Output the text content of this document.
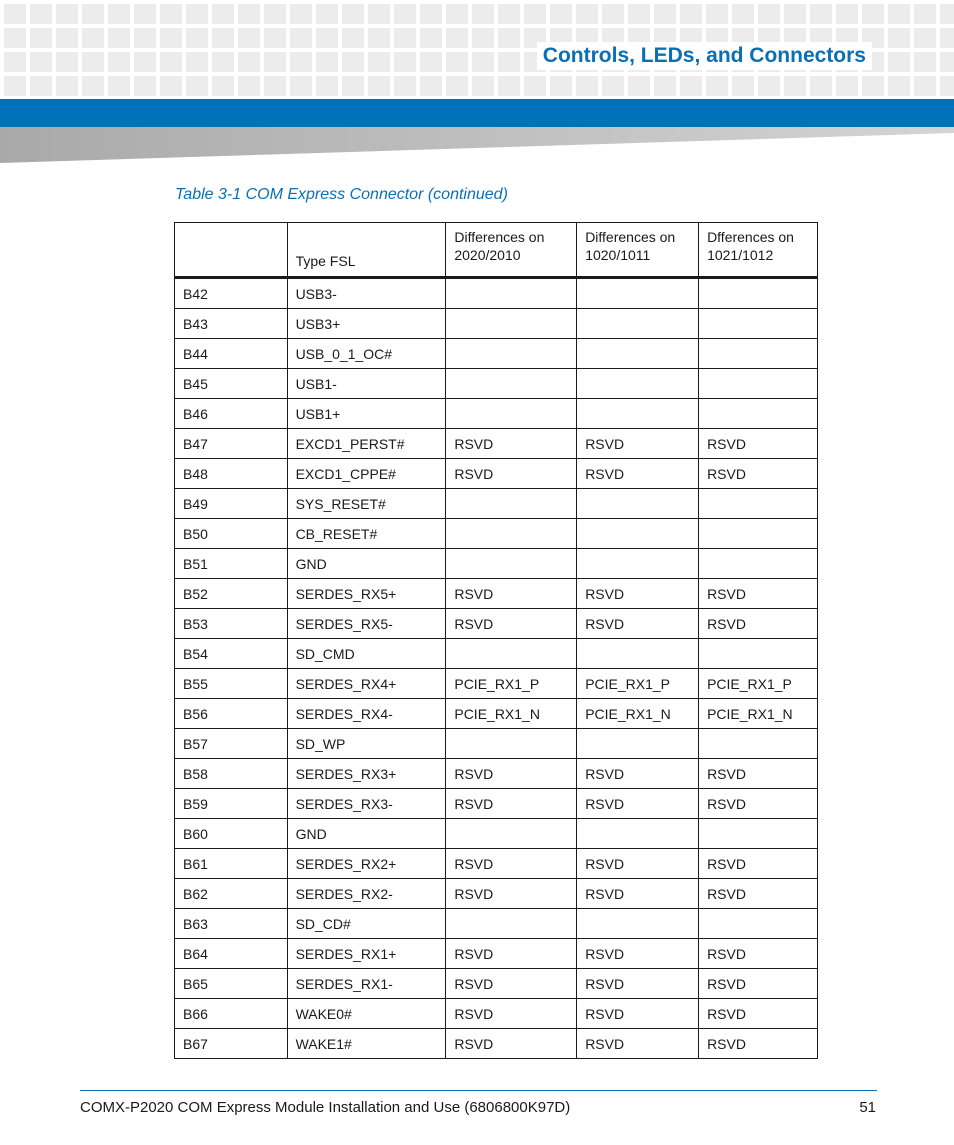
Controls, LEDs, and Connectors
Table 3-1 COM Express Connector (continued)
	Type FSL	Differences on 2020/2010	Differences on 1020/1011	Dfferences on 1021/1012
B42	USB3-			
B43	USB3+			
B44	USB_0_1_OC#			
B45	USB1-			
B46	USB1+			
B47	EXCD1_PERST#	RSVD	RSVD	RSVD
B48	EXCD1_CPPE#	RSVD	RSVD	RSVD
B49	SYS_RESET#			
B50	CB_RESET#			
B51	GND			
B52	SERDES_RX5+	RSVD	RSVD	RSVD
B53	SERDES_RX5-	RSVD	RSVD	RSVD
B54	SD_CMD			
B55	SERDES_RX4+	PCIE_RX1_P	PCIE_RX1_P	PCIE_RX1_P
B56	SERDES_RX4-	PCIE_RX1_N	PCIE_RX1_N	PCIE_RX1_N
B57	SD_WP			
B58	SERDES_RX3+	RSVD	RSVD	RSVD
B59	SERDES_RX3-	RSVD	RSVD	RSVD
B60	GND			
B61	SERDES_RX2+	RSVD	RSVD	RSVD
B62	SERDES_RX2-	RSVD	RSVD	RSVD
B63	SD_CD#			
B64	SERDES_RX1+	RSVD	RSVD	RSVD
B65	SERDES_RX1-	RSVD	RSVD	RSVD
B66	WAKE0#	RSVD	RSVD	RSVD
B67	WAKE1#	RSVD	RSVD	RSVD
COMX-P2020 COM Express Module Installation and Use (6806800K97D)	51
